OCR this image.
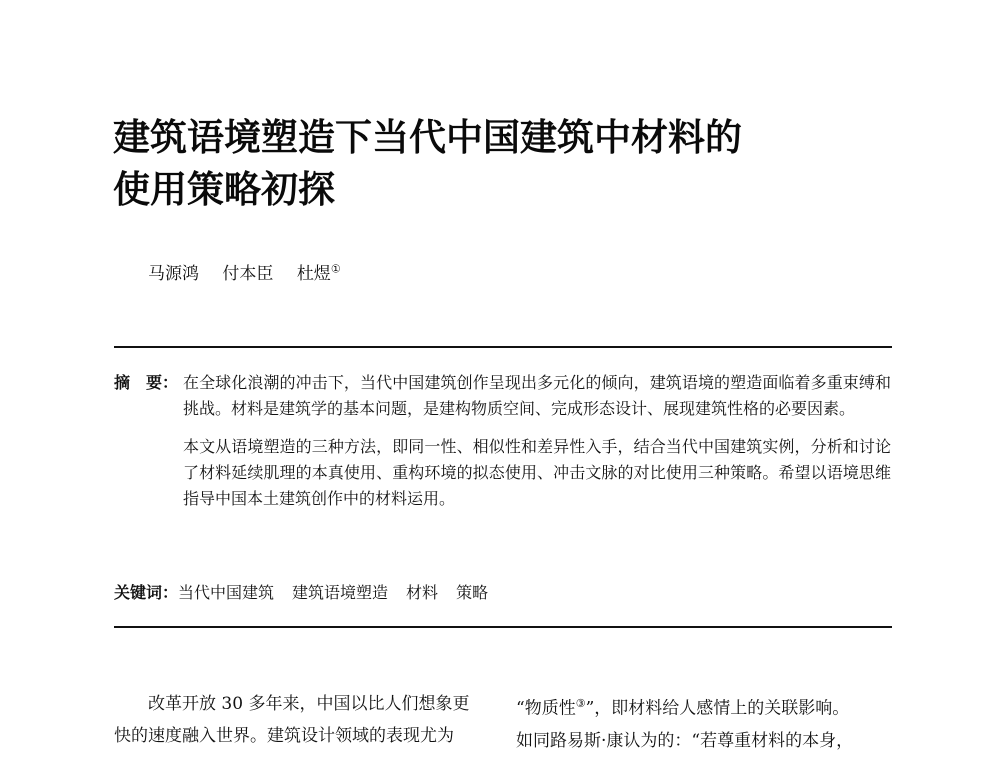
建筑语境塑造下当代中国建筑中材料的
使用策略初探
马源鸿 付本臣 杜煜①
摘　要： 在全球化浪潮的冲击下，当代中国建筑创作呈现出多元化的倾向，建筑语境的塑造面临着多重束缚和挑战。材料是建筑学的基本问题，是建构物质空间、完成形态设计、展现建筑性格的必要因素。

本文从语境塑造的三种方法，即同一性、相似性和差异性入手，结合当代中国建筑实例，分析和讨论了材料延续肌理的本真使用、重构环境的拟态使用、冲击文脉的对比使用三种策略。希望以语境思维指导中国本土建筑创作中的材料运用。

关键词：当代中国建筑 建筑语境塑造 材料 策略

改革开放 30 多年来，中国以比人们想象更

快的速度融入世界。建筑设计领域的表现尤为

“物质性③”，即材料给人感情上的关联影响。

如同路易斯·康认为的：“若尊重材料的本身，
